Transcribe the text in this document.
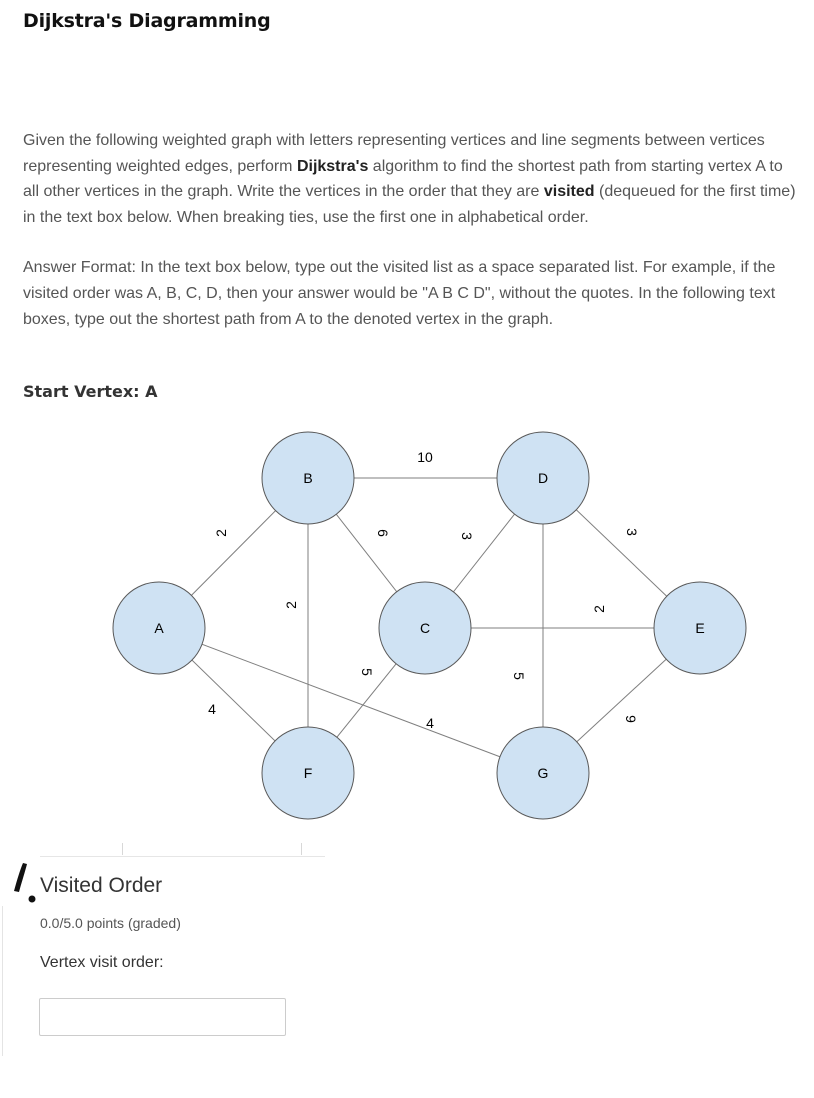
Dijkstra's Diagramming

Given the following weighted graph with letters representing vertices and line segments between vertices representing weighted edges, perform Dijkstra's algorithm to find the shortest path from starting vertex A to all other vertices in the graph. Write the vertices in the order that they are visited (dequeued for the first time) in the text box below. When breaking ties, use the first one in alphabetical order.

Answer Format: In the text box below, type out the visited list as a space separated list. For example, if the visited order was A, B, C, D, then your answer would be "A B C D", without the quotes. In the following text boxes, type out the shortest path from A to the denoted vertex in the graph.

Start Vertex: A
A
B
C
D
E
F	G
2
4
4
10
6
2
3
2
5
3
5
9
Visited Order
0.0/5.0 points (graded)
Vertex visit order:
